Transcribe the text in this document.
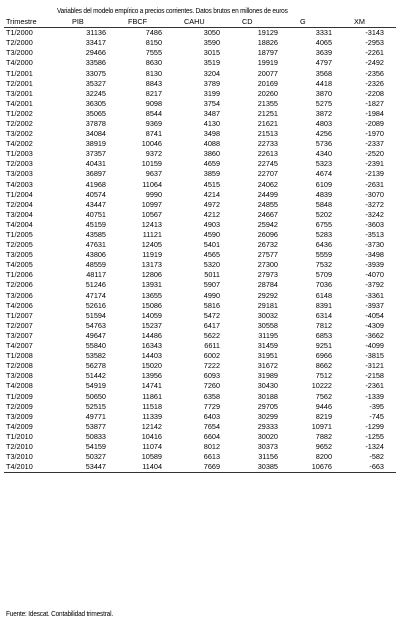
Variables del modelo empírico a precios corrientes. Datos brutos en millones de euros
Trimestre	PIB	FBCF	CAHU	CD	G	XM
T1/2000	31136	7486	3050	19129	3331	-3143
T2/2000	33417	8150	3590	18826	4065	-2953
T3/2000	29466	7555	3015	18797	3639	-2261
T4/2000	33586	8630	3519	19919	4797	-2492
T1/2001	33075	8130	3204	20077	3568	-2356
T2/2001	35327	8843	3789	20169	4418	-2326
T3/2001	32245	8217	3199	20260	3870	-2208
T4/2001	36305	9098	3754	21355	5275	-1827
T1/2002	35065	8544	3487	21251	3872	-1984
T2/2002	37878	9369	4130	21621	4803	-2089
T3/2002	34084	8741	3498	21513	4256	-1970
T4/2002	38919	10046	4088	22733	5736	-2337
T1/2003	37357	9372	3860	22613	4340	-2520
T2/2003	40431	10159	4659	22745	5323	-2391
T3/2003	36897	9637	3859	22707	4674	-2139
T4/2003	41968	11064	4515	24062	6109	-2631
T1/2004	40574	9990	4214	24499	4839	-3070
T2/2004	43447	10997	4972	24855	5848	-3272
T3/2004	40751	10567	4212	24667	5202	-3242
T4/2004	45159	12413	4903	25942	6755	-3603
T1/2005	43585	11121	4590	26096	5283	-3513
T2/2005	47631	12405	5401	26732	6436	-3730
T3/2005	43806	11919	4565	27577	5559	-3498
T4/2005	48559	13173	5320	27300	7532	-3939
T1/2006	48117	12806	5011	27973	5709	-4070
T2/2006	51246	13931	5907	28784	7036	-3792
T3/2006	47174	13655	4990	29292	6148	-3361
T4/2006	52616	15086	5816	29181	8391	-3937
T1/2007	51594	14059	5472	30032	6314	-4054
T2/2007	54763	15237	6417	30558	7812	-4309
T3/2007	49647	14486	5622	31195	6853	-3662
T4/2007	55840	16343	6611	31459	9251	-4099
T1/2008	53582	14403	6002	31951	6966	-3815
T2/2008	56278	15020	7222	31672	8662	-3121
T3/2008	51442	13956	6093	31989	7512	-2158
T4/2008	54919	14741	7260	30430	10222	-2361
T1/2009	50650	11861	6358	30188	7562	-1339
T2/2009	52515	11518	7729	29705	9446	-395
T3/2009	49771	11339	6403	30299	8219	-745
T4/2009	53877	12142	7654	29333	10971	-1299
T1/2010	50833	10416	6604	30020	7882	-1255
T2/2010	54159	11074	8012	30373	9652	-1324
T3/2010	50327	10589	6613	31156	8200	-582
T4/2010	53447	11404	7669	30385	10676	-663
Fuente: Idescat. Contabilidad trimestral.
